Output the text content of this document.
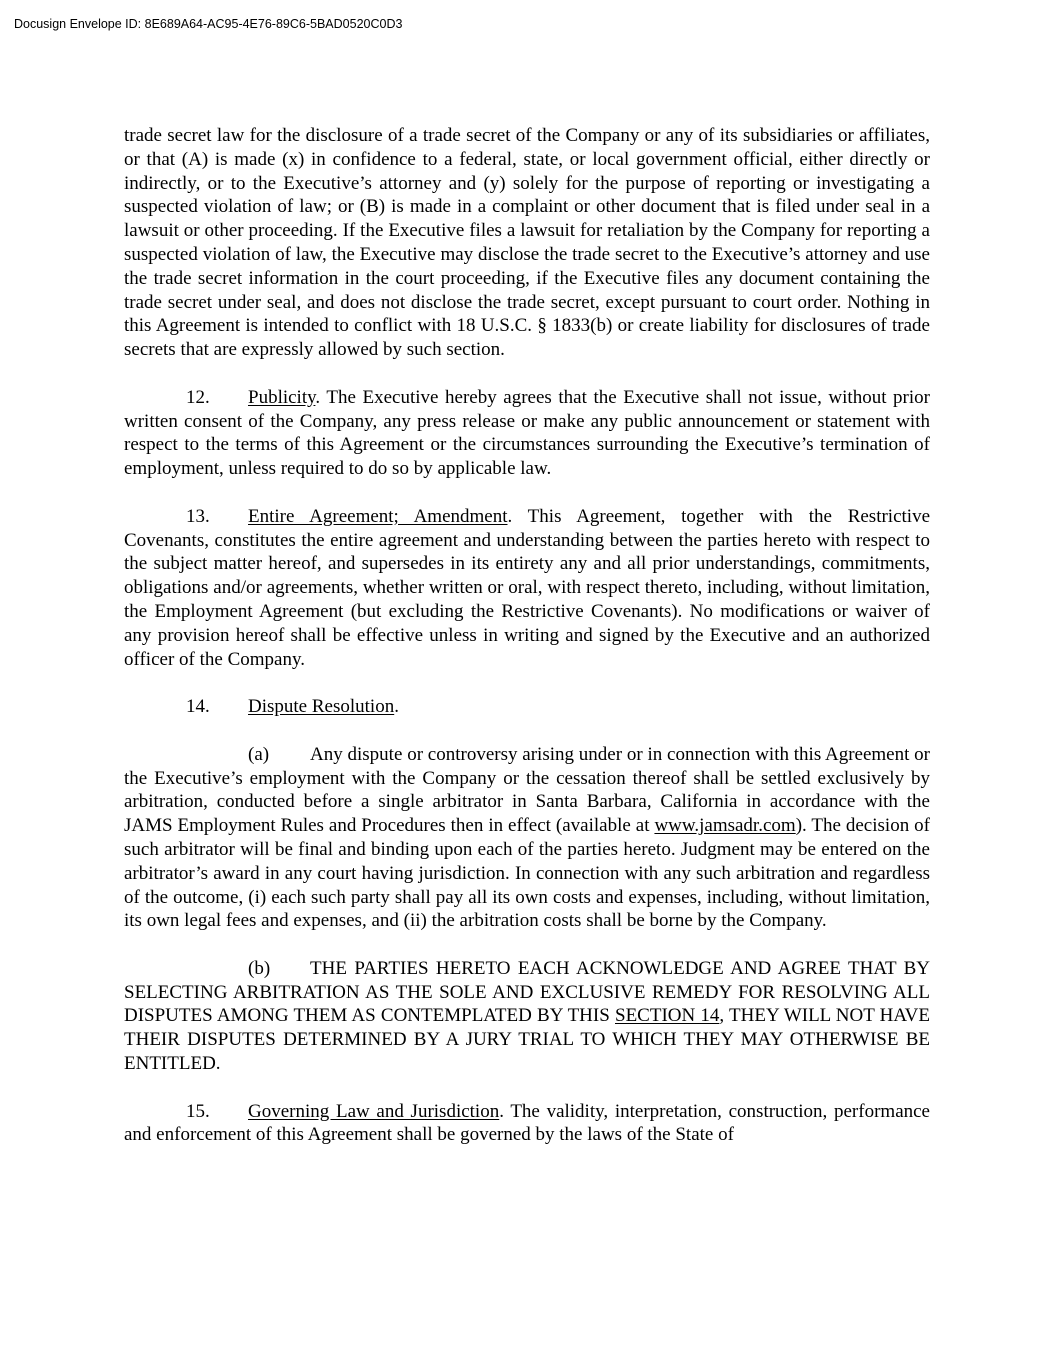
Docusign Envelope ID: 8E689A64-AC95-4E76-89C6-5BAD0520C0D3

trade secret law for the disclosure of a trade secret of the Company or any of its subsidiaries or affiliates, or that (A) is made (x) in confidence to a federal, state, or local government official, either directly or indirectly, or to the Executive’s attorney and (y) solely for the purpose of reporting or investigating a suspected violation of law; or (B) is made in a complaint or other document that is filed under seal in a lawsuit or other proceeding. If the Executive files a lawsuit for retaliation by the Company for reporting a suspected violation of law, the Executive may disclose the trade secret to the Executive’s attorney and use the trade secret information in the court proceeding, if the Executive files any document containing the trade secret under seal, and does not disclose the trade secret, except pursuant to court order. Nothing in this Agreement is intended to conflict with 18 U.S.C. § 1833(b) or create liability for disclosures of trade secrets that are expressly allowed by such section.

12. Publicity. The Executive hereby agrees that the Executive shall not issue, without prior written consent of the Company, any press release or make any public announcement or statement with respect to the terms of this Agreement or the circumstances surrounding the Executive’s termination of employment, unless required to do so by applicable law.

13. Entire Agreement; Amendment. This Agreement, together with the Restrictive Covenants, constitutes the entire agreement and understanding between the parties hereto with respect to the subject matter hereof, and supersedes in its entirety any and all prior understandings, commitments, obligations and/or agreements, whether written or oral, with respect thereto, including, without limitation, the Employment Agreement (but excluding the Restrictive Covenants). No modifications or waiver of any provision hereof shall be effective unless in writing and signed by the Executive and an authorized officer of the Company.

14. Dispute Resolution.

(a) Any dispute or controversy arising under or in connection with this Agreement or the Executive’s employment with the Company or the cessation thereof shall be settled exclusively by arbitration, conducted before a single arbitrator in Santa Barbara, California in accordance with the JAMS Employment Rules and Procedures then in effect (available at www.jamsadr.com). The decision of such arbitrator will be final and binding upon each of the parties hereto. Judgment may be entered on the arbitrator’s award in any court having jurisdiction. In connection with any such arbitration and regardless of the outcome, (i) each such party shall pay all its own costs and expenses, including, without limitation, its own legal fees and expenses, and (ii) the arbitration costs shall be borne by the Company.

(b) THE PARTIES HERETO EACH ACKNOWLEDGE AND AGREE THAT BY SELECTING ARBITRATION AS THE SOLE AND EXCLUSIVE REMEDY FOR RESOLVING ALL DISPUTES AMONG THEM AS CONTEMPLATED BY THIS SECTION 14, THEY WILL NOT HAVE THEIR DISPUTES DETERMINED BY A JURY TRIAL TO WHICH THEY MAY OTHERWISE BE ENTITLED.

15. Governing Law and Jurisdiction. The validity, interpretation, construction, performance and enforcement of this Agreement shall be governed by the laws of the State of
